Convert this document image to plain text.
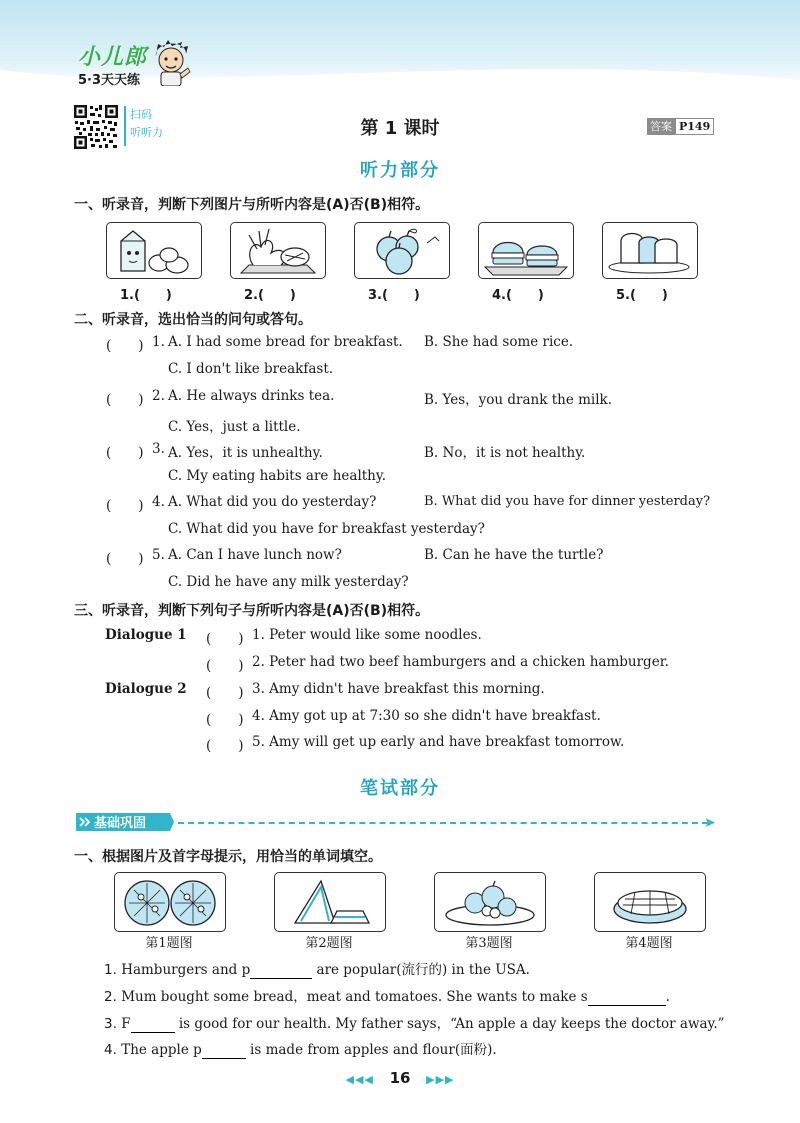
小儿郎
5·3天天练
扫码
听听力	第 1 课时	答案 P149
听力部分
一、听录音，判断下列图片与所听内容是(A)否(B)相符。
1.(　　)	2.(　　)	3.(　　)	4.(　　)	5.(　　)
二、听录音，选出恰当的问句或答句。
(　　) 1. A. I had some bread for breakfast. B. She had some rice.
C. I don't like breakfast.
(　　) 2. A. He always drinks tea.	B. Yes，you drank the milk.
C. Yes，just a little.
(　　) 3. A. Yes，it is unhealthy.	B. No，it is not healthy.
C. My eating habits are healthy.
(　　) 4. A. What did you do yesterday?	B. What did you have for dinner yesterday?
C. What did you have for breakfast yesterday?
(　　) 5. A. Can I have lunch now?	B. Can he have the turtle?
C. Did he have any milk yesterday?
三、听录音，判断下列句子与所听内容是(A)否(B)相符。
Dialogue 1
Dialogue 2
(　　) 1. Peter would like some noodles.
(　　) 2. Peter had two beef hamburgers and a chicken hamburger.
(　　) 3. Amy didn't have breakfast this morning.
(　　) 4. Amy got up at 7:30 so she didn't have breakfast.
(　　) 5. Amy will get up early and have breakfast tomorrow.
笔试部分
基础巩固	➤
一、根据图片及首字母提示，用恰当的单词填空。
第1题图	第2题图	第3题图	第4题图
1. Hamburgers and p	are popular(流行的) in the USA.
2. Mum bought some bread，meat and tomatoes. She wants to make s	.
3. F	is good for our health. My father says，“An apple a day keeps the doctor away.”
4. The apple p	is made from apples and flour(面粉).
◀◀◀ 16 ▶▶▶
